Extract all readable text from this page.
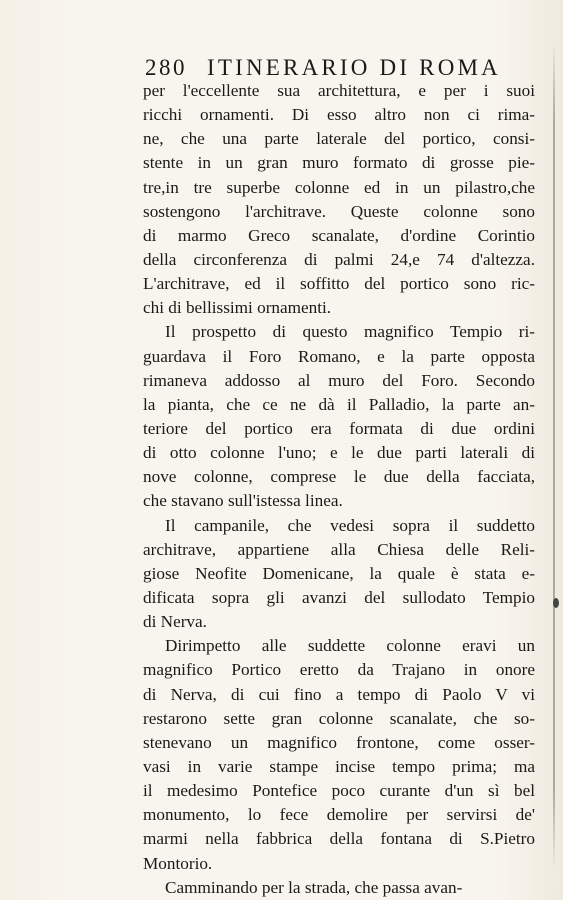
280 ITINERARIO DI ROMA
per l'eccellente sua architettura, e per i suoi
ricchi ornamenti. Di esso altro non ci rima-
ne, che una parte laterale del portico, consi-
stente in un gran muro formato di grosse pie-
tre,in tre superbe colonne ed in un pilastro,che
sostengono l'architrave. Queste colonne sono
di marmo Greco scanalate, d'ordine Corintio
della circonferenza di palmi 24,e 74 d'altezza.
L'architrave, ed il soffitto del portico sono ric-
chi di bellissimi ornamenti.
Il prospetto di questo magnifico Tempio ri-
guardava il Foro Romano, e la parte opposta
rimaneva addosso al muro del Foro. Secondo
la pianta, che ce ne dà il Palladio, la parte an-
teriore del portico era formata di due ordini
di otto colonne l'uno; e le due parti laterali di
nove colonne, comprese le due della facciata,
che stavano sull'istessa linea.
Il campanile, che vedesi sopra il suddetto
architrave, appartiene alla Chiesa delle Reli-
giose Neofite Domenicane, la quale è stata e-
dificata sopra gli avanzi del sullodato Tempio
di Nerva.
Dirimpetto alle suddette colonne eravi un
magnifico Portico eretto da Trajano in onore
di Nerva, di cui fino a tempo di Paolo V vi
restarono sette gran colonne scanalate, che so-
stenevano un magnifico frontone, come osser-
vasi in varie stampe incise tempo prima; ma
il medesimo Pontefice poco curante d'un sì bel
monumento, lo fece demolire per servirsi de'
marmi nella fabbrica della fontana di S.Pietro
Montorio.
Camminando per la strada, che passa avan-
